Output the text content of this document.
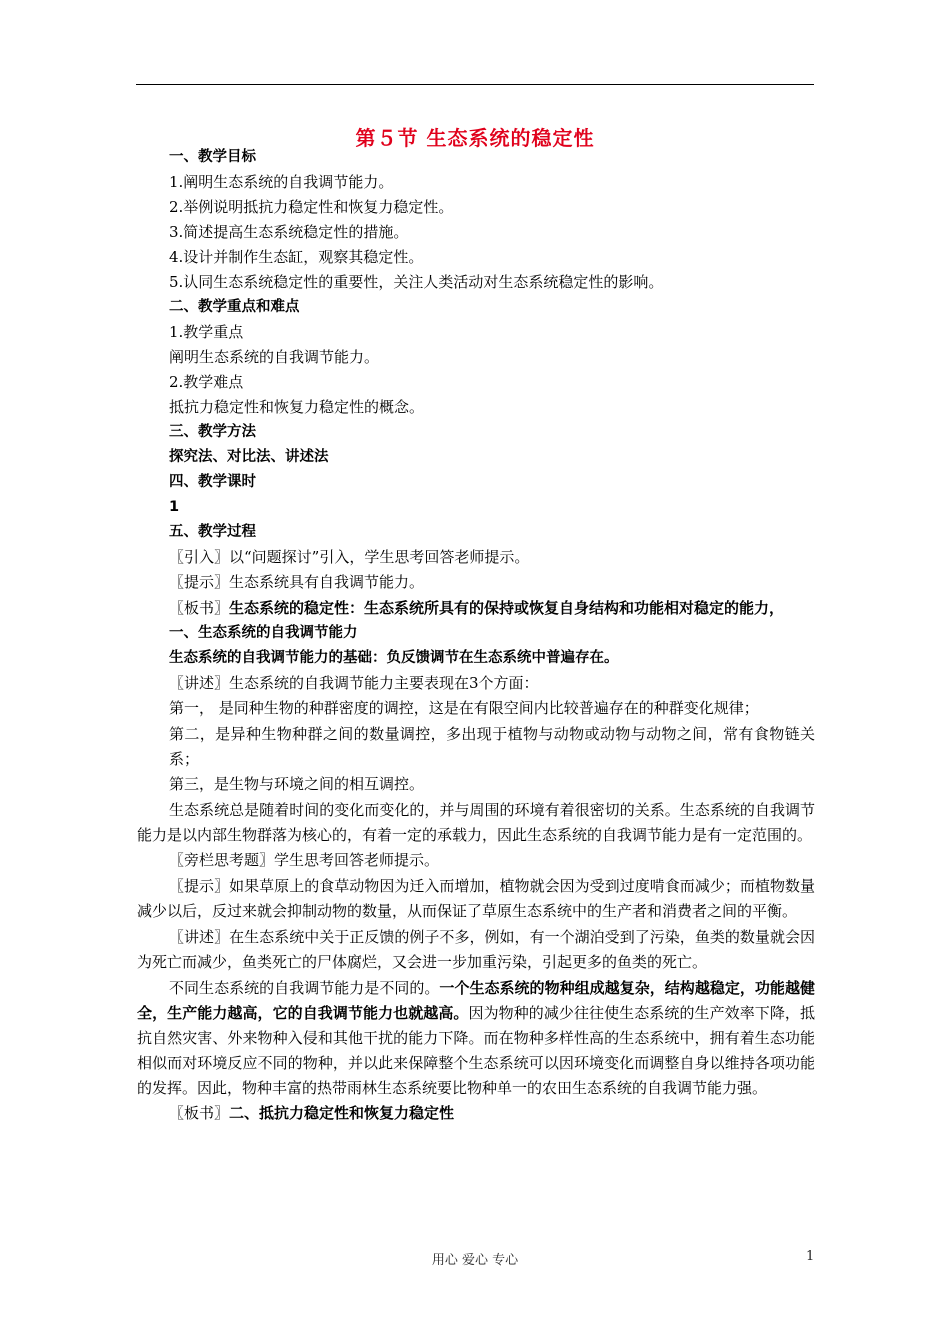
第５节 生态系统的稳定性
一、教学目标
1.阐明生态系统的自我调节能力。
2.举例说明抵抗力稳定性和恢复力稳定性。
3.简述提高生态系统稳定性的措施。
4.设计并制作生态缸，观察其稳定性。
5.认同生态系统稳定性的重要性，关注人类活动对生态系统稳定性的影响。
二、教学重点和难点
1.教学重点
阐明生态系统的自我调节能力。
2.教学难点
抵抗力稳定性和恢复力稳定性的概念。
三、教学方法
探究法、对比法、讲述法
四、教学课时
1
五、教学过程
〖引入〗以“问题探讨”引入，学生思考回答老师提示。
〖提示〗生态系统具有自我调节能力。
〖板书〗生态系统的稳定性：生态系统所具有的保持或恢复自身结构和功能相对稳定的能力，
一、生态系统的自我调节能力
生态系统的自我调节能力的基础：负反馈调节在生态系统中普遍存在。
〖讲述〗生态系统的自我调节能力主要表现在3个方面：
第一， 是同种生物的种群密度的调控，这是在有限空间内比较普遍存在的种群变化规律；
第二，是异种生物种群之间的数量调控，多出现于植物与动物或动物与动物之间，常有食物链关系；
第三，是生物与环境之间的相互调控。
生态系统总是随着时间的变化而变化的，并与周围的环境有着很密切的关系。生态系统的自我调节能力是以内部生物群落为核心的，有着一定的承载力，因此生态系统的自我调节能力是有一定范围的。
〖旁栏思考题〗学生思考回答老师提示。
〖提示〗如果草原上的食草动物因为迁入而增加，植物就会因为受到过度啃食而减少；而植物数量减少以后，反过来就会抑制动物的数量，从而保证了草原生态系统中的生产者和消费者之间的平衡。
〖讲述〗在生态系统中关于正反馈的例子不多，例如，有一个湖泊受到了污染，鱼类的数量就会因为死亡而减少，鱼类死亡的尸体腐烂，又会进一步加重污染，引起更多的鱼类的死亡。
不同生态系统的自我调节能力是不同的。一个生态系统的物种组成越复杂，结构越稳定，功能越健全，生产能力越高，它的自我调节能力也就越高。因为物种的减少往往使生态系统的生产效率下降，抵抗自然灾害、外来物种入侵和其他干扰的能力下降。而在物种多样性高的生态系统中，拥有着生态功能相似而对环境反应不同的物种，并以此来保障整个生态系统可以因环境变化而调整自身以维持各项功能的发挥。因此，物种丰富的热带雨林生态系统要比物种单一的农田生态系统的自我调节能力强。
〖板书〗二、抵抗力稳定性和恢复力稳定性
用心 爱心 专心	1
